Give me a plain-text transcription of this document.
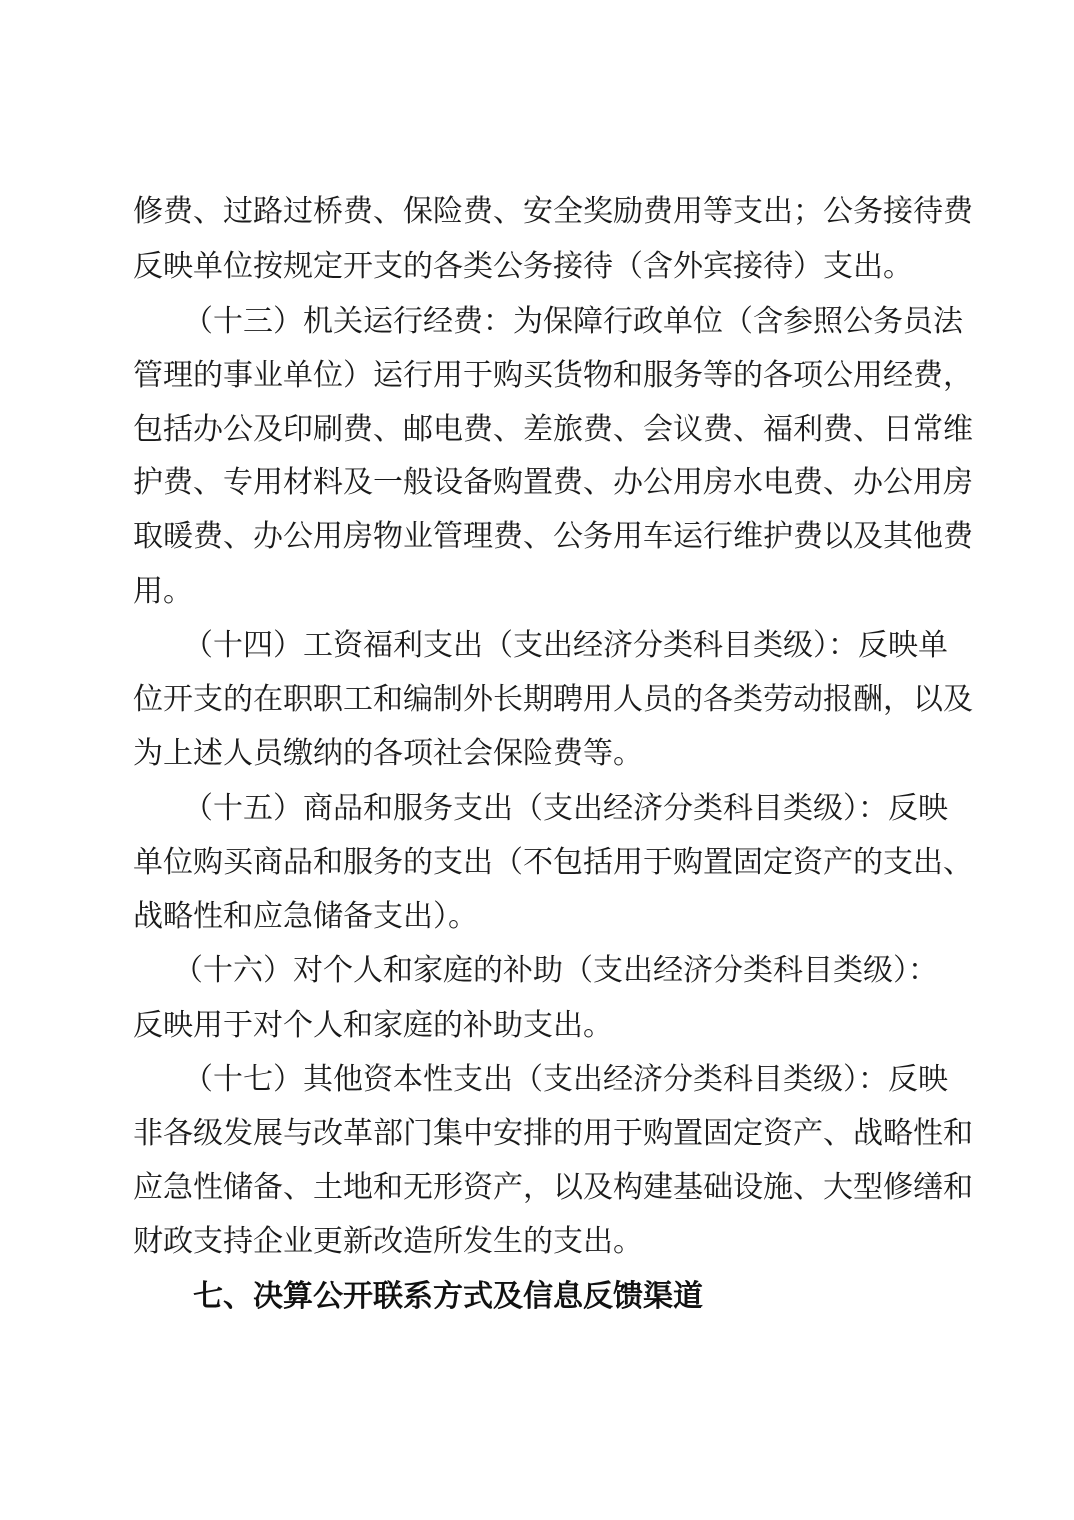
修费、过路过桥费、保险费、安全奖励费用等支出；公务接待费
反映单位按规定开支的各类公务接待（含外宾接待）支出。
（十三）机关运行经费：为保障行政单位（含参照公务员法
管理的事业单位）运行用于购买货物和服务等的各项公用经费，
包括办公及印刷费、邮电费、差旅费、会议费、福利费、日常维
护费、专用材料及一般设备购置费、办公用房水电费、办公用房
取暖费、办公用房物业管理费、公务用车运行维护费以及其他费
用。
（十四）工资福利支出（支出经济分类科目类级）：反映单
位开支的在职职工和编制外长期聘用人员的各类劳动报酬，以及
为上述人员缴纳的各项社会保险费等。
（十五）商品和服务支出（支出经济分类科目类级）：反映
单位购买商品和服务的支出（不包括用于购置固定资产的支出、
战略性和应急储备支出）。
（十六）对个人和家庭的补助（支出经济分类科目类级）：
反映用于对个人和家庭的补助支出。
（十七）其他资本性支出（支出经济分类科目类级）：反映
非各级发展与改革部门集中安排的用于购置固定资产、战略性和
应急性储备、土地和无形资产，以及构建基础设施、大型修缮和
财政支持企业更新改造所发生的支出。
七、决算公开联系方式及信息反馈渠道
